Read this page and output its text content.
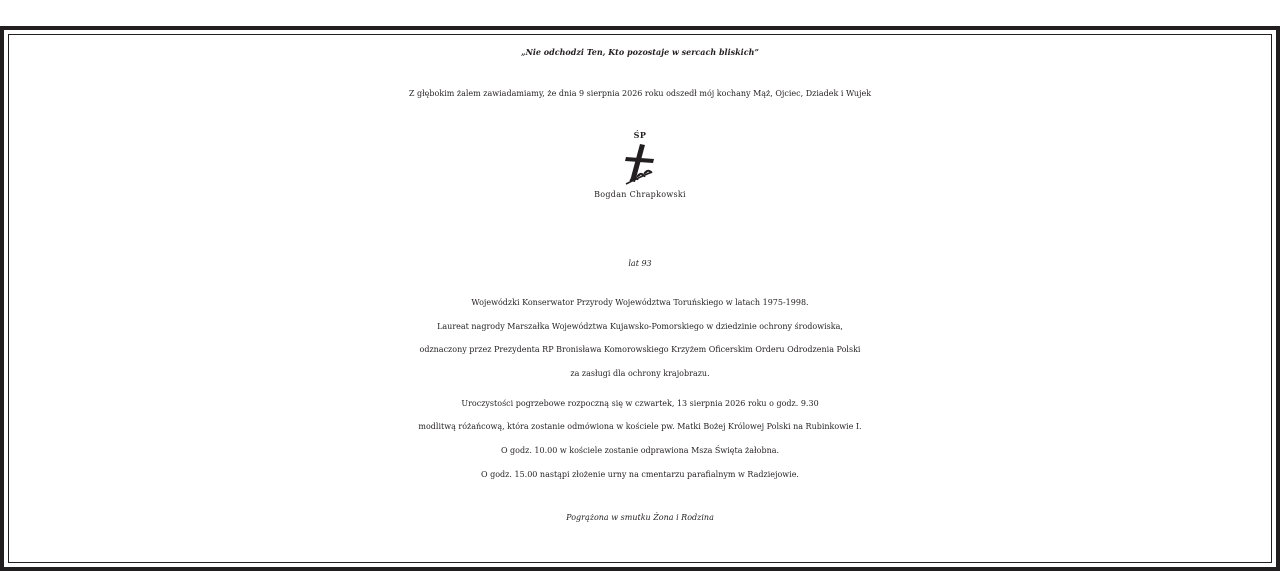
„Nie odchodzi Ten, Kto pozostaje w sercach bliskich”
Z głębokim żalem zawiadamiamy, że dnia 9 sierpnia 2026 roku odszedł mój kochany Mąż, Ojciec, Dziadek i Wujek
ŚP
Bogdan Chrapkowski
lat 93
Wojewódzki Konserwator Przyrody Województwa Toruńskiego w latach 1975-1998.
Laureat nagrody Marszałka Województwa Kujawsko-Pomorskiego w dziedzinie ochrony środowiska,
odznaczony przez Prezydenta RP Bronisława Komorowskiego Krzyżem Oficerskim Orderu Odrodzenia Polski
za zasługi dla ochrony krajobrazu.
Uroczystości pogrzebowe rozpoczną się w czwartek, 13 sierpnia 2026 roku o godz. 9.30
modlitwą różańcową, która zostanie odmówiona w kościele pw. Matki Bożej Królowej Polski na Rubinkowie I.
O godz. 10.00 w kościele zostanie odprawiona Msza Święta żałobna.
O godz. 15.00 nastąpi złożenie urny na cmentarzu parafialnym w Radziejowie.
Pogrążona w smutku Żona i Rodzina
